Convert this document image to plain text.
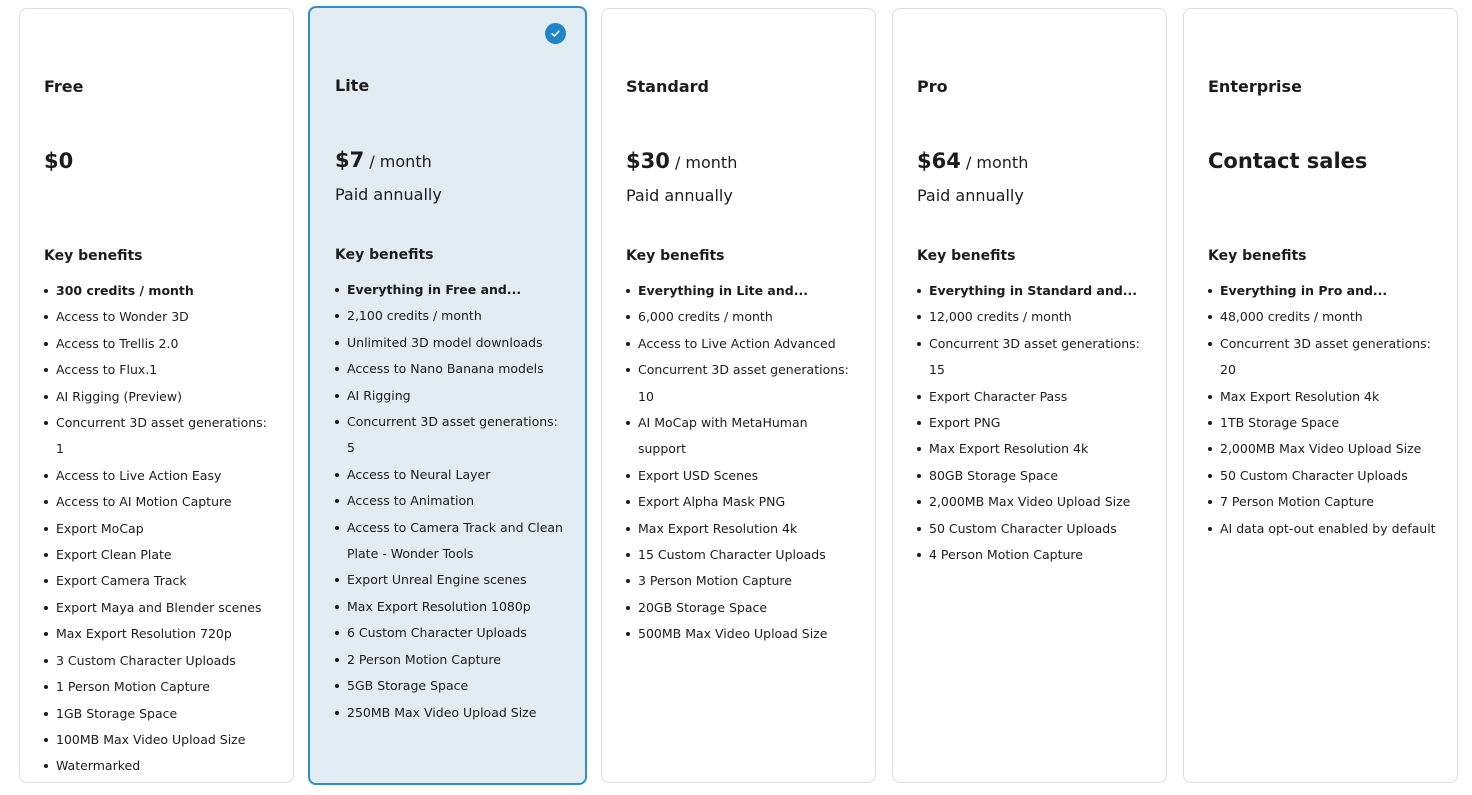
Free
$0
Key benefits
300 credits / month
Access to Wonder 3D
Access to Trellis 2.0
Access to Flux.1
AI Rigging (Preview)
Concurrent 3D asset generations: 1
Access to Live Action Easy
Access to AI Motion Capture
Export MoCap
Export Clean Plate
Export Camera Track
Export Maya and Blender scenes
Max Export Resolution 720p
3 Custom Character Uploads
1 Person Motion Capture
1GB Storage Space
100MB Max Video Upload Size
Watermarked
Lite
$7 / month
Paid annually
Key benefits
Everything in Free and...
2,100 credits / month
Unlimited 3D model downloads
Access to Nano Banana models
AI Rigging
Concurrent 3D asset generations: 5
Access to Neural Layer
Access to Animation
Access to Camera Track and Clean Plate - Wonder Tools
Export Unreal Engine scenes
Max Export Resolution 1080p
6 Custom Character Uploads
2 Person Motion Capture
5GB Storage Space
250MB Max Video Upload Size
Standard
$30 / month
Paid annually
Key benefits
Everything in Lite and...
6,000 credits / month
Access to Live Action Advanced
Concurrent 3D asset generations: 10
AI MoCap with MetaHuman support
Export USD Scenes
Export Alpha Mask PNG
Max Export Resolution 4k
15 Custom Character Uploads
3 Person Motion Capture
20GB Storage Space
500MB Max Video Upload Size
Pro
$64 / month
Paid annually
Key benefits
Everything in Standard and...
12,000 credits / month
Concurrent 3D asset generations: 15
Export Character Pass
Export PNG
Max Export Resolution 4k
80GB Storage Space
2,000MB Max Video Upload Size
50 Custom Character Uploads
4 Person Motion Capture
Enterprise
Contact sales
Key benefits
Everything in Pro and...
48,000 credits / month
Concurrent 3D asset generations: 20
Max Export Resolution 4k
1TB Storage Space
2,000MB Max Video Upload Size
50 Custom Character Uploads
7 Person Motion Capture
AI data opt-out enabled by default
